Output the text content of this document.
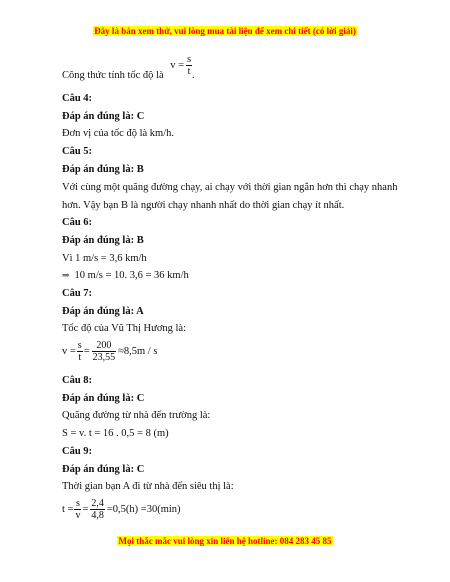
Đây là bản xem thử, vui lòng mua tài liệu để xem chi tiết (có lời giải)
Công thức tính tốc độ là
$v = \frac{s}{t}$ .
Câu 4:
Đáp án đúng là: C
Đơn vị của tốc độ là km/h.
Câu 5:
Đáp án đúng là: B
Với cùng một quãng đường chạy, ai chạy với thời gian ngắn hơn thì chạy nhanh
hơn. Vậy bạn B là người chạy nhanh nhất do thời gian chạy ít nhất.
Câu 6:
Đáp án đúng là: B
Vì 1 m/s = 3,6 km/h
⇒ 10 m/s = 10. 3,6 = 36 km/h
Câu 7:
Đáp án đúng là: A
Tốc độ của Vũ Thị Hương là:
$v = \frac{s}{t} = \frac{200}{23,55} \approx 8,5m / s$
Câu 8:
Đáp án đúng là: C
Quãng đường từ nhà đến trường là:
S = v. t = 16 . 0,5 = 8 (m)
Câu 9:
Đáp án đúng là: C
Thời gian bạn A đi từ nhà đến siêu thị là:
$t = \frac{s}{v} = \frac{2,4}{4,8} =0,5(h) =30(\min)$
Mọi thắc mắc vui lòng xin liên hệ hotline: 084 283 45 85
